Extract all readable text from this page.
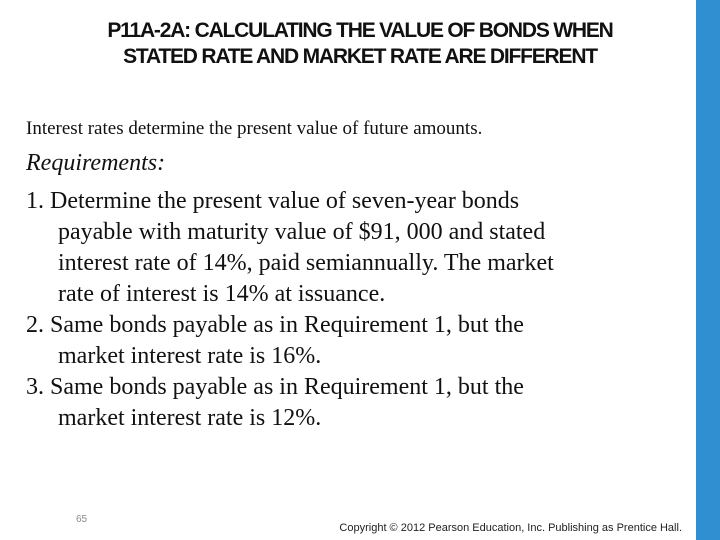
P11A-2A: CALCULATING THE VALUE OF BONDS WHEN
STATED RATE AND MARKET RATE ARE DIFFERENT
Interest rates determine the present value of future amounts.
Requirements:
1. Determine the present value of seven-year bonds
payable with maturity value of $91, 000 and stated
interest rate of 14%, paid semiannually. The market
rate of interest is 14% at issuance.
2. Same bonds payable as in Requirement 1, but the
market interest rate is 16%.
3. Same bonds payable as in Requirement 1, but the
market interest rate is 12%.
65
Copyright © 2012 Pearson Education, Inc. Publishing as Prentice Hall.
